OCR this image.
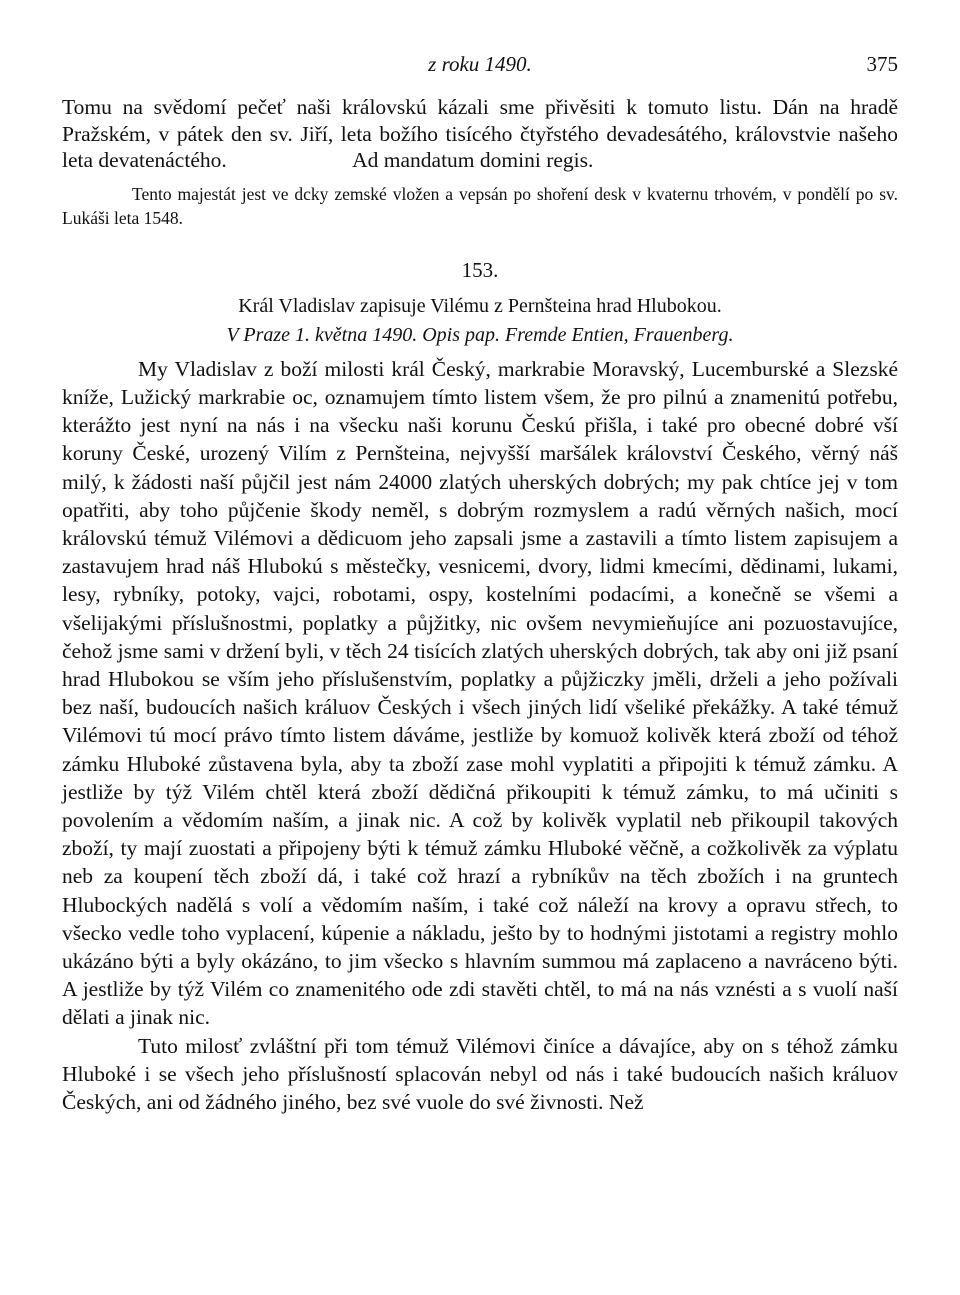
z roku 1490.	375

Tomu na svědomí pečeť naši královskú kázali sme přivěsiti k tomuto listu. Dán na hradě Pražském, v pátek den sv. Jiří, leta božího tisícého čtyřstého devadesátého, královstvie našeho leta devatenáctého.	Ad mandatum domini regis.

Tento majestát jest ve dcky zemské vložen a vepsán po shoření desk v kvaternu trhovém, v pondělí po sv. Lukáši leta 1548.

153.
Král Vladislav zapisuje Vilému z Pernšteina hrad Hlubokou.
V Praze 1. května 1490. Opis pap. Fremde Entien, Frauenberg.

My Vladislav z boží milosti král Český, markrabie Moravský, Lucemburské a Slezské kníže, Lužický markrabie oc, oznamujem tímto listem všem, že pro pilnú a znamenitú potřebu, kterážto jest nyní na nás i na všecku naši korunu Českú přišla, i také pro obecné dobré vší koruny České, urozený Vilím z Pernšteina, nejvyšší maršálek království Českého, věrný náš milý, k žádosti naší půjčil jest nám 24000 zlatých uherských dobrých; my pak chtíce jej v tom opatřiti, aby toho půjčenie škody neměl, s dobrým rozmyslem a radú věrných našich, mocí královskú témuž Vilémovi a dědicuom jeho zapsali jsme a zastavili a tímto listem zapisujem a zastavujem hrad náš Hlubokú s městečky, vesnicemi, dvory, lidmi kmecími, dědinami, lukami, lesy, rybníky, potoky, vajci, robotami, ospy, kostelními podacími, a konečně se všemi a všelijakými příslušnostmi, poplatky a půjžitky, nic ovšem nevymieňujíce ani pozuostavujíce, čehož jsme sami v držení byli, v těch 24 tisících zlatých uherských dobrých, tak aby oni již psaní hrad Hlubokou se vším jeho příslušenstvím, poplatky a půjžiczky jměli, drželi a jeho požívali bez naší, budoucích našich králuov Českých i všech jiných lidí všeliké překážky. A také témuž Vilémovi tú mocí právo tímto listem dáváme, jestliže by komuož kolivěk která zboží od téhož zámku Hluboké zůstavena byla, aby ta zboží zase mohl vyplatiti a připojiti k témuž zámku. A jestliže by týž Vilém chtěl která zboží dědičná přikoupiti k témuž zámku, to má učiniti s povolením a vědomím naším, a jinak nic. A což by kolivěk vyplatil neb přikoupil takových zboží, ty mají zuostati a připojeny býti k témuž zámku Hluboké věčně, a cožkolivěk za výplatu neb za koupení těch zboží dá, i také což hrazí a rybníkův na těch zbožích i na gruntech Hlubockých nadělá s volí a vědomím naším, i také což náleží na krovy a opravu střech, to všecko vedle toho vyplacení, kúpenie a nákladu, ješto by to hodnými jistotami a registry mohlo ukázáno býti a byly okázáno, to jim všecko s hlavním summou má zaplaceno a navráceno býti. A jestliže by týž Vilém co znamenitého ode zdi stavěti chtěl, to má na nás vznésti a s vuolí naší dělati a jinak nic.

Tuto milosť zvláštní při tom témuž Vilémovi činíce a dávajíce, aby on s téhož zámku Hluboké i se všech jeho příslušností splacován nebyl od nás i také budoucích našich králuov Českých, ani od žádného jiného, bez své vuole do své živnosti. Než
